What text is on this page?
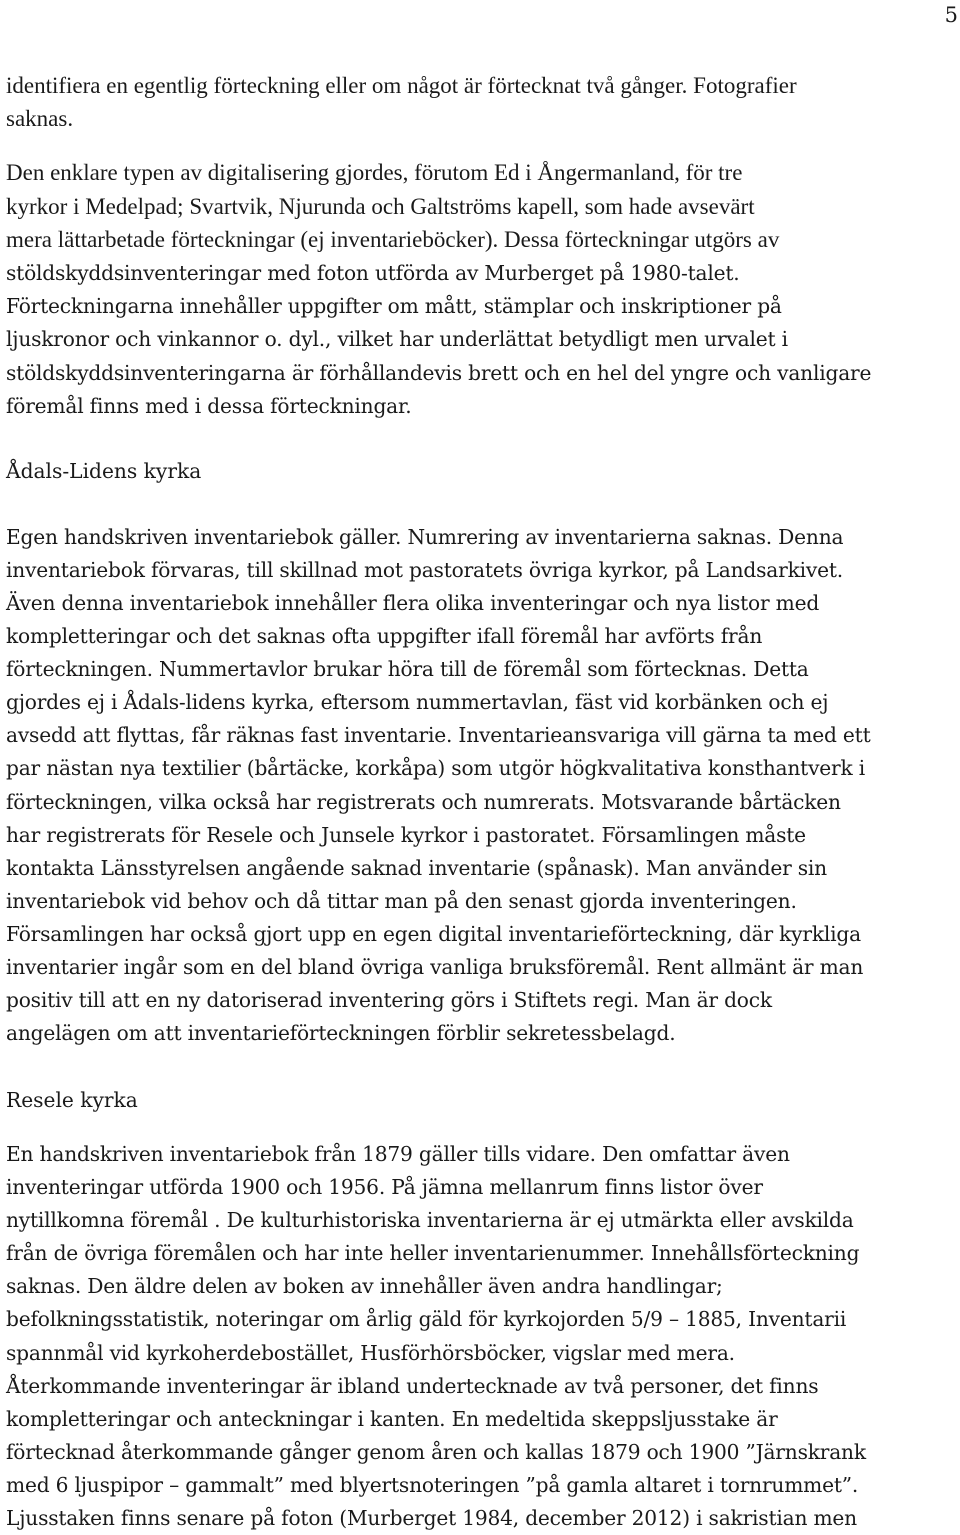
5
identifiera en egentlig förteckning eller om något är förtecknat två gånger. Fotografier
saknas.
Den enklare typen av digitalisering gjordes, förutom Ed i Ångermanland, för tre
kyrkor i Medelpad; Svartvik, Njurunda och Galtströms kapell, som hade avsevärt
mera lättarbetade förteckningar (ej inventarieböcker). Dessa förteckningar utgörs av
stöldskyddsinventeringar med foton utförda av Murberget på 1980-talet.
Förteckningarna innehåller uppgifter om mått, stämplar och inskriptioner på
ljuskronor och vinkannor o. dyl., vilket har underlättat betydligt men urvalet i
stöldskyddsinventeringarna är förhållandevis brett och en hel del yngre och vanligare
föremål finns med i dessa förteckningar.
Ådals-Lidens kyrka
Egen handskriven inventariebok gäller. Numrering av inventarierna saknas. Denna
inventariebok förvaras, till skillnad mot pastoratets övriga kyrkor, på Landsarkivet.
Även denna inventariebok innehåller flera olika inventeringar och nya listor med
kompletteringar och det saknas ofta uppgifter ifall föremål har avförts från
förteckningen. Nummertavlor brukar höra till de föremål som förtecknas. Detta
gjordes ej i Ådals-lidens kyrka, eftersom nummertavlan, fäst vid korbänken och ej
avsedd att flyttas, får räknas fast inventarie. Inventarieansvariga vill gärna ta med ett
par nästan nya textilier (bårtäcke, korkåpa) som utgör högkvalitativa konsthantverk i
förteckningen, vilka också har registrerats och numrerats. Motsvarande bårtäcken
har registrerats för Resele och Junsele kyrkor i pastoratet. Församlingen måste
kontakta Länsstyrelsen angående saknad inventarie (spånask). Man använder sin
inventariebok vid behov och då tittar man på den senast gjorda inventeringen.
Församlingen har också gjort upp en egen digital inventarieförteckning, där kyrkliga
inventarier ingår som en del bland övriga vanliga bruksföremål. Rent allmänt är man
positiv till att en ny datoriserad inventering görs i Stiftets regi. Man är dock
angelägen om att inventarieförteckningen förblir sekretessbelagd.
Resele kyrka
En handskriven inventariebok från 1879 gäller tills vidare. Den omfattar även
inventeringar utförda 1900 och 1956. På jämna mellanrum finns listor över
nytillkomna föremål . De kulturhistoriska inventarierna är ej utmärkta eller avskilda
från de övriga föremålen och har inte heller inventarienummer. Innehållsförteckning
saknas. Den äldre delen av boken av innehåller även andra handlingar;
befolkningsstatistik, noteringar om årlig gäld för kyrkojorden 5/9 – 1885, Inventarii
spannmål vid kyrkoherdebostället, Husförhörsböcker, vigslar med mera.
Återkommande inventeringar är ibland undertecknade av två personer, det finns
kompletteringar och anteckningar i kanten. En medeltida skeppsljusstake är
förtecknad återkommande gånger genom åren och kallas 1879 och 1900 ”Järnskrank
med 6 ljuspipor – gammalt” med blyertsnoteringen ”på gamla altaret i tornrummet”.
Ljusstaken finns senare på foton (Murberget 1984, december 2012) i sakristian men
